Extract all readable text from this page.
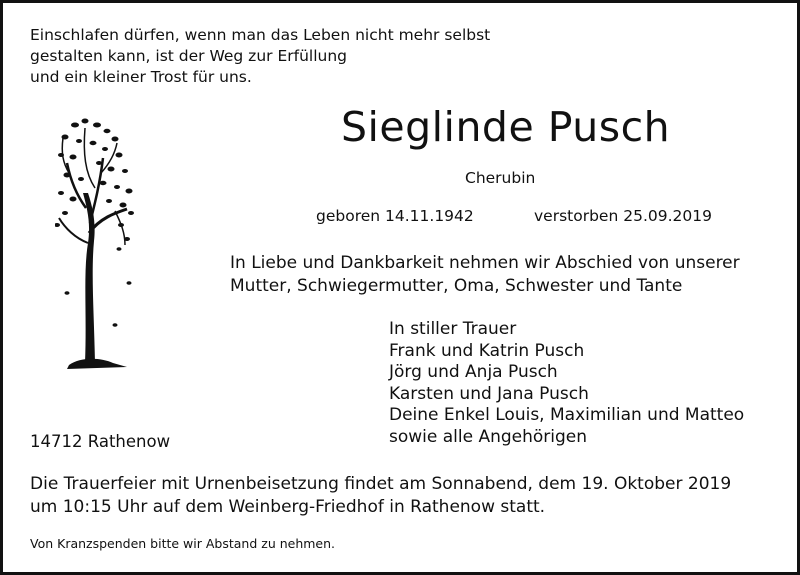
Einschlafen dürfen, wenn man das Leben nicht mehr selbst
gestalten kann, ist der Weg zur Erfüllung
und ein kleiner Trost für uns.
Sieglinde Pusch
Cherubin
geboren 14.11.1942	verstorben 25.09.2019
In Liebe und Dankbarkeit nehmen wir Abschied von unserer
Mutter, Schwiegermutter, Oma, Schwester und Tante
In stiller Trauer
Frank und Katrin Pusch
Jörg und Anja Pusch
Karsten und Jana Pusch
Deine Enkel Louis, Maximilian und Matteo
sowie alle Angehörigen
14712 Rathenow
Die Trauerfeier mit Urnenbeisetzung findet am Sonnabend, dem 19. Oktober 2019
um 10:15 Uhr auf dem Weinberg-Friedhof in Rathenow statt.
Von Kranzspenden bitte wir Abstand zu nehmen.
